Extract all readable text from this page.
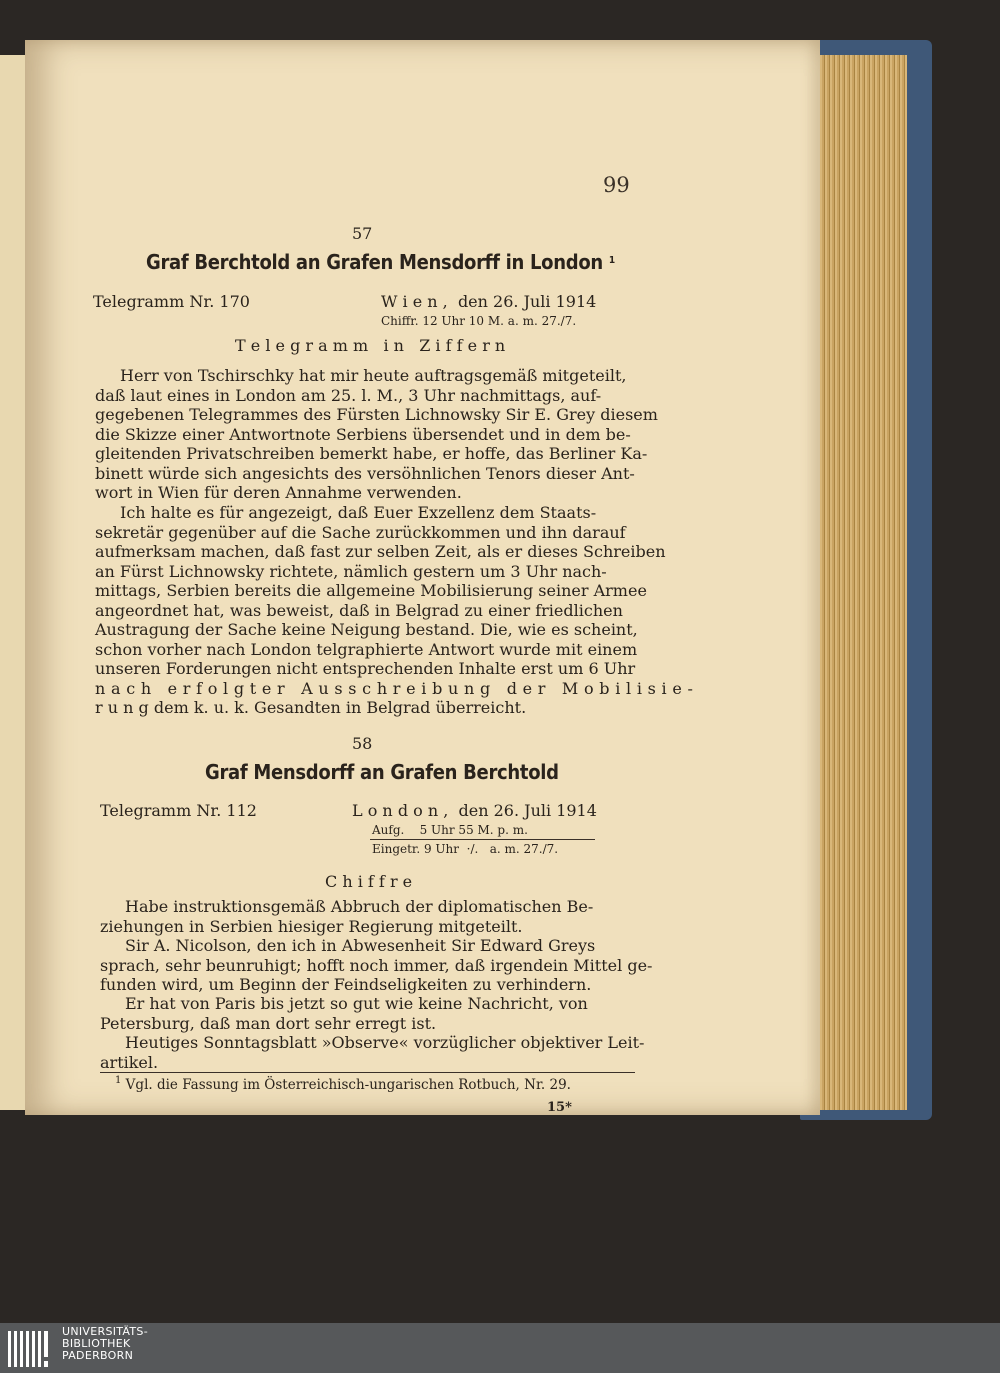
99

57

Graf Berchtold an Grafen Mensdorff in London $^1$

Telegramm Nr. 170	W i e n ,  den 26. Juli 1914

Chiffr. 12 Uhr 10 M. a. m. 27./7.

T e l e g r a m m   i n   Z i f f e r n

Herr von Tschirschky hat mir heute auftragsgemäß mitgeteilt,
daß laut eines in London am 25. l. M., 3 Uhr nachmittags, auf-
gegebenen Telegrammes des Fürsten Lichnowsky Sir E. Grey diesem
die Skizze einer Antwortnote Serbiens übersendet und in dem be-
gleitenden Privatschreiben bemerkt habe, er hoffe, das Berliner Ka-
binett würde sich angesichts des versöhnlichen Tenors dieser Ant-
wort in Wien für deren Annahme verwenden.
Ich halte es für angezeigt, daß Euer Exzellenz dem Staats-
sekretär gegenüber auf die Sache zurückkommen und ihn darauf
aufmerksam machen, daß fast zur selben Zeit, als er dieses Schreiben
an Fürst Lichnowsky richtete, nämlich gestern um 3 Uhr nach-
mittags, Serbien bereits die allgemeine Mobilisierung seiner Armee
angeordnet hat, was beweist, daß in Belgrad zu einer friedlichen
Austragung der Sache keine Neigung bestand. Die, wie es scheint,
schon vorher nach London telgraphierte Antwort wurde mit einem
unseren Forderungen nicht entsprechenden Inhalte erst um 6 Uhr
n a c h   e r f o l g t e r   A u s s c h r e i b u n g   d e r   M o b i l i s i e -
r u n g dem k. u. k. Gesandten in Belgrad überreicht.

58

Graf Mensdorff an Grafen Berchtold

Telegramm Nr. 112	L o n d o n ,  den 26. Juli 1914

Aufg.    5 Uhr 55 M. p. m.

Eingetr. 9 Uhr  ·/.   a. m. 27./7.

C h i f f r e

Habe instruktionsgemäß Abbruch der diplomatischen Be-
ziehungen in Serbien hiesiger Regierung mitgeteilt.
Sir A. Nicolson, den ich in Abwesenheit Sir Edward Greys
sprach, sehr beunruhigt; hofft noch immer, daß irgendein Mittel ge-
funden wird, um Beginn der Feindseligkeiten zu verhindern.
Er hat von Paris bis jetzt so gut wie keine Nachricht, von
Petersburg, daß man dort sehr erregt ist.
Heutiges Sonntagsblatt »Observe« vorzüglicher objektiver Leit-
artikel.

$^1$ Vgl. die Fassung im Österreichisch-ungarischen Rotbuch, Nr. 29.

15*

UNIVERSITÄTS-
BIBLIOTHEK
PADERBORN
